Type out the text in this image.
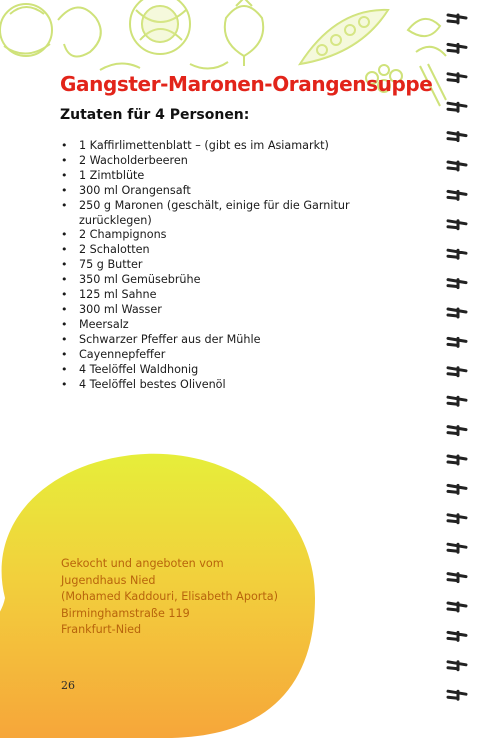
Gangster-Maronen-Orangensuppe
Zutaten für 4 Personen:
• 1 Kaffirlimettenblatt – (gibt es im Asiamarkt)
• 2 Wacholderbeeren
• 1 Zimtblüte
• 300 ml Orangensaft
• 250 g Maronen (geschält, einige für die Garnitur
zurücklegen)
• 2 Champignons
• 2 Schalotten
• 75 g Butter
• 350 ml Gemüsebrühe
• 125 ml Sahne
• 300 ml Wasser
• Meersalz
• Schwarzer Pfeffer aus der Mühle
• Cayennepfeffer
• 4 Teelöffel Waldhonig
• 4 Teelöffel bestes Olivenöl
Gekocht und angeboten vom
Jugendhaus Nied
(Mohamed Kaddouri, Elisabeth Aporta)
Birminghamstraße 119
Frankfurt-Nied
26
